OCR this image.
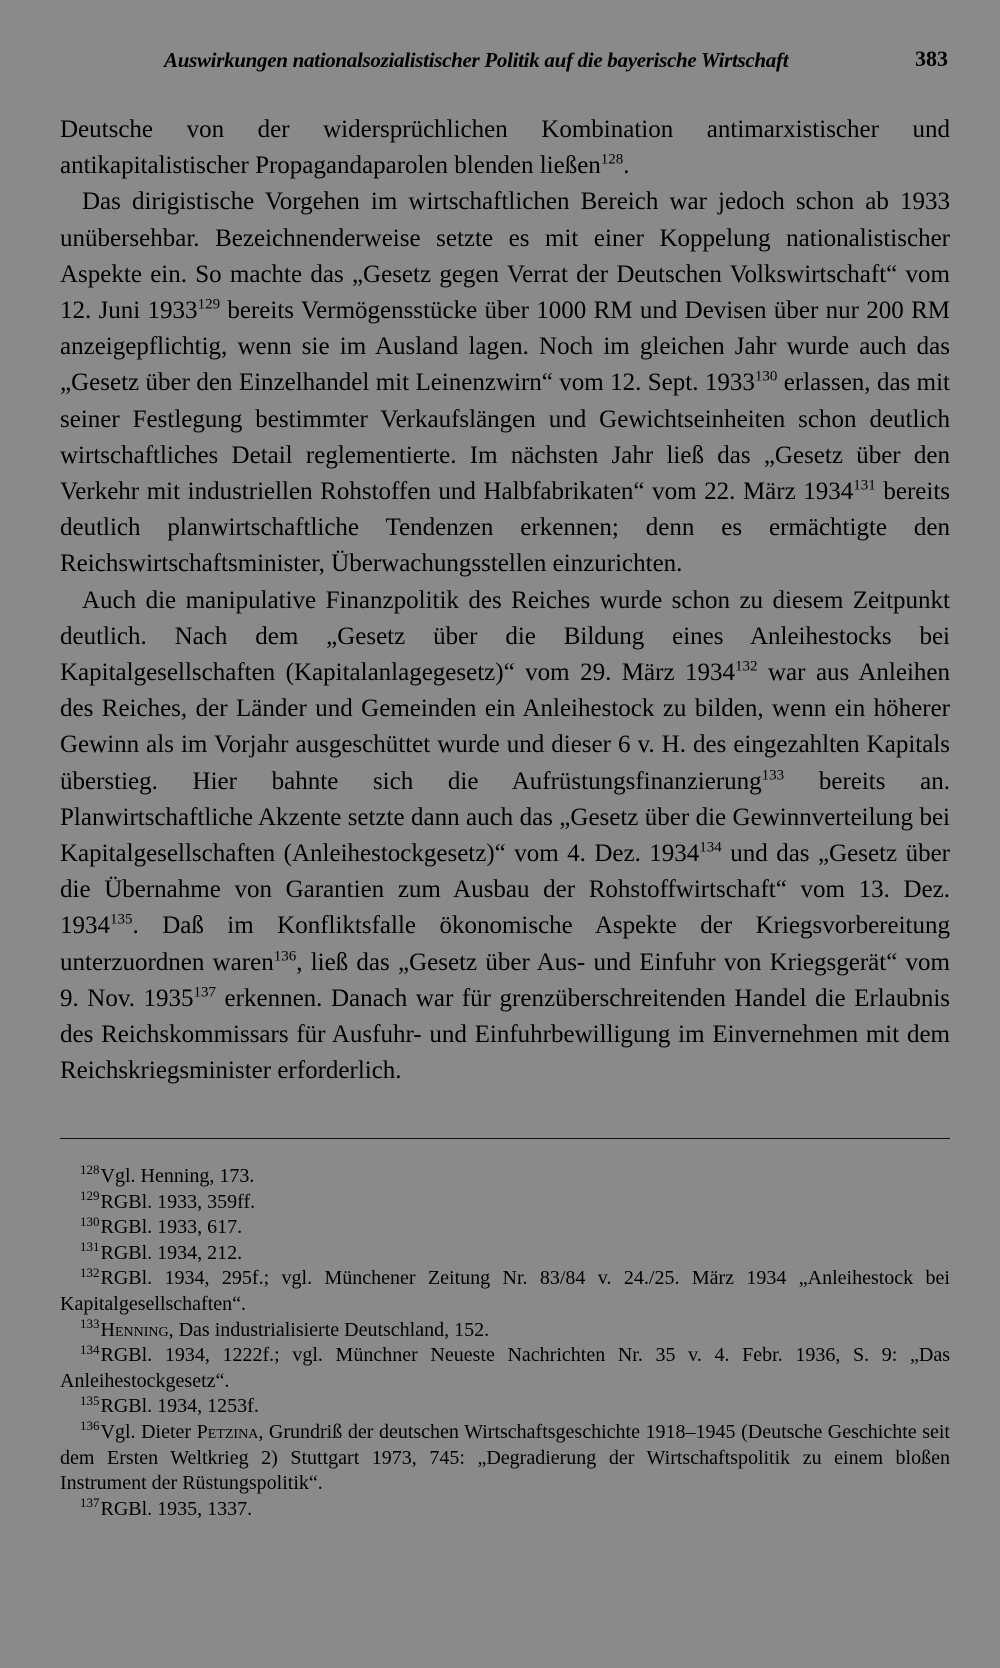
Auswirkungen nationalsozialistischer Politik auf die bayerische Wirtschaft	383

Deutsche von der widersprüchlichen Kombination antimarxistischer und antikapitalistischer Propagandaparolen blenden ließen$^{128}$.

Das dirigistische Vorgehen im wirtschaftlichen Bereich war jedoch schon ab 1933 unübersehbar. Bezeichnenderweise setzte es mit einer Koppelung nationalistischer Aspekte ein. So machte das „Gesetz gegen Verrat der Deutschen Volkswirtschaft“ vom 12. Juni 1933$^{129}$ bereits Vermögensstücke über 1000 RM und Devisen über nur 200 RM anzeigepflichtig, wenn sie im Ausland lagen. Noch im gleichen Jahr wurde auch das „Gesetz über den Einzelhandel mit Leinenzwirn“ vom 12. Sept. 1933$^{130}$ erlassen, das mit seiner Festlegung bestimmter Verkaufslängen und Gewichtseinheiten schon deutlich wirtschaftliches Detail reglementierte. Im nächsten Jahr ließ das „Gesetz über den Verkehr mit industriellen Rohstoffen und Halbfabrikaten“ vom 22. März 1934$^{131}$ bereits deutlich planwirtschaftliche Tendenzen erkennen; denn es ermächtigte den Reichswirtschaftsminister, Überwachungsstellen einzurichten.

Auch die manipulative Finanzpolitik des Reiches wurde schon zu diesem Zeitpunkt deutlich. Nach dem „Gesetz über die Bildung eines Anleihestocks bei Kapitalgesellschaften (Kapitalanlagegesetz)“ vom 29. März 1934$^{132}$ war aus Anleihen des Reiches, der Länder und Gemeinden ein Anleihestock zu bilden, wenn ein höherer Gewinn als im Vorjahr ausgeschüttet wurde und dieser 6 v. H. des eingezahlten Kapitals überstieg. Hier bahnte sich die Aufrüstungsfinanzierung$^{133}$ bereits an. Planwirtschaftliche Akzente setzte dann auch das „Gesetz über die Gewinnverteilung bei Kapitalgesellschaften (Anleihestockgesetz)“ vom 4. Dez. 1934$^{134}$ und das „Gesetz über die Übernahme von Garantien zum Ausbau der Rohstoffwirtschaft“ vom 13. Dez. 1934$^{135}$. Daß im Konfliktsfalle ökonomische Aspekte der Kriegsvorbereitung unterzuordnen waren$^{136}$, ließ das „Gesetz über Aus- und Einfuhr von Kriegsgerät“ vom 9. Nov. 1935$^{137}$ erkennen. Danach war für grenzüberschreitenden Handel die Erlaubnis des Reichskommissars für Ausfuhr- und Einfuhrbewilligung im Einvernehmen mit dem Reichskriegsminister erforderlich.

$^{128}$Vgl. Henning, 173.

$^{129}$RGBl. 1933, 359ff.

$^{130}$RGBl. 1933, 617.

$^{131}$RGBl. 1934, 212.

$^{132}$RGBl. 1934, 295f.; vgl. Münchener Zeitung Nr. 83/84 v. 24./25. März 1934 „Anleihestock bei Kapitalgesellschaften“.

$^{133}$Henning, Das industrialisierte Deutschland, 152.

$^{134}$RGBl. 1934, 1222f.; vgl. Münchner Neueste Nachrichten Nr. 35 v. 4. Febr. 1936, S. 9: „Das Anleihestockgesetz“.

$^{135}$RGBl. 1934, 1253f.

$^{136}$Vgl. Dieter Petzina, Grundriß der deutschen Wirtschaftsgeschichte 1918–1945 (Deutsche Geschichte seit dem Ersten Weltkrieg 2) Stuttgart 1973, 745: „Degradierung der Wirtschaftspolitik zu einem bloßen Instrument der Rüstungspolitik“.

$^{137}$RGBl. 1935, 1337.
